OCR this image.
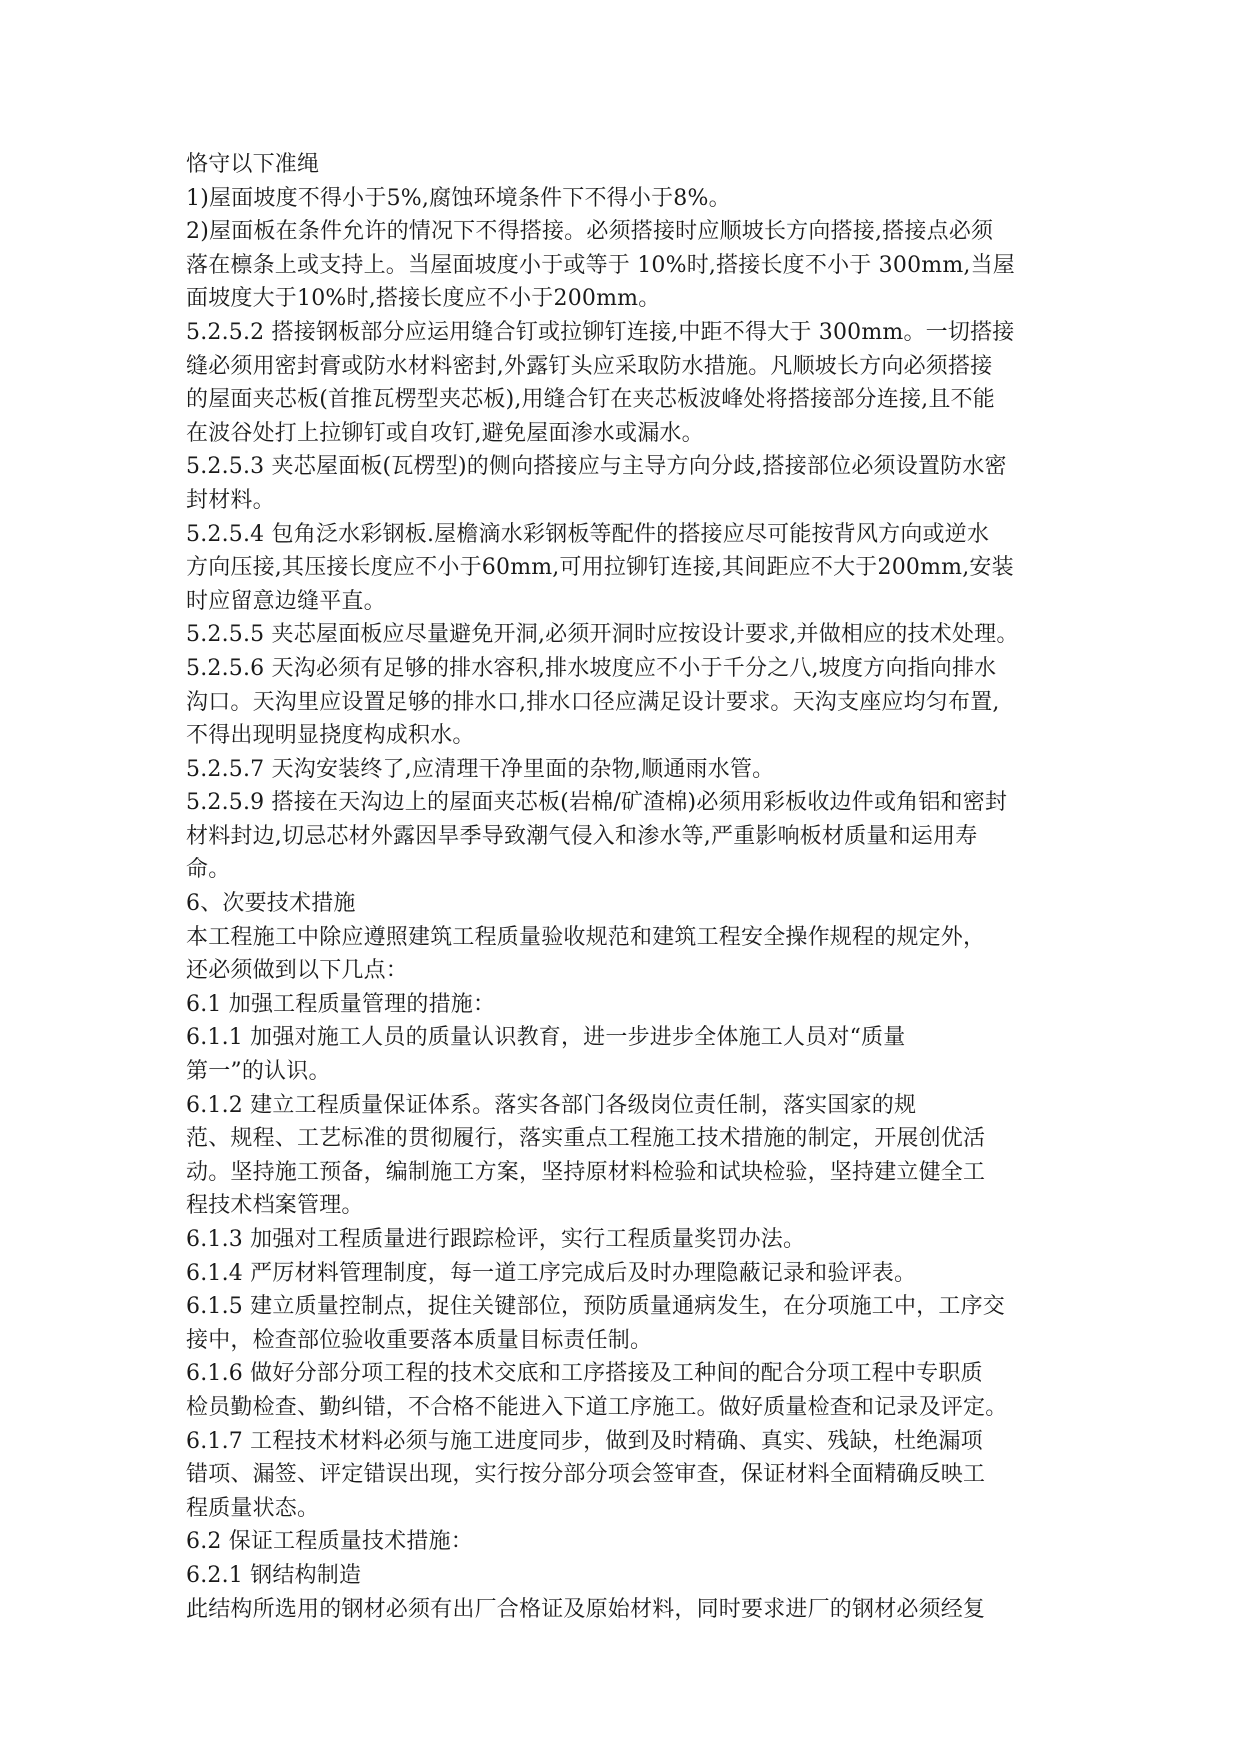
恪守以下准绳
1)屋面坡度不得小于5%,腐蚀环境条件下不得小于8%。
2)屋面板在条件允许的情况下不得搭接。必须搭接时应顺坡长方向搭接,搭接点必须
落在檩条上或支持上。当屋面坡度小于或等于 10%时,搭接长度不小于 300mm,当屋
面坡度大于10%时,搭接长度应不小于200mm。
5.2.5.2 搭接钢板部分应运用缝合钉或拉铆钉连接,中距不得大于 300mm。一切搭接
缝必须用密封膏或防水材料密封,外露钉头应采取防水措施。凡顺坡长方向必须搭接
的屋面夹芯板(首推瓦楞型夹芯板),用缝合钉在夹芯板波峰处将搭接部分连接,且不能
在波谷处打上拉铆钉或自攻钉,避免屋面渗水或漏水。
5.2.5.3 夹芯屋面板(瓦楞型)的侧向搭接应与主导方向分歧,搭接部位必须设置防水密
封材料。
5.2.5.4 包角泛水彩钢板.屋檐滴水彩钢板等配件的搭接应尽可能按背风方向或逆水
方向压接,其压接长度应不小于60mm,可用拉铆钉连接,其间距应不大于200mm,安装
时应留意边缝平直。
5.2.5.5 夹芯屋面板应尽量避免开洞,必须开洞时应按设计要求,并做相应的技术处理。
5.2.5.6 天沟必须有足够的排水容积,排水坡度应不小于千分之八,坡度方向指向排水
沟口。天沟里应设置足够的排水口,排水口径应满足设计要求。天沟支座应均匀布置,
不得出现明显挠度构成积水。
5.2.5.7 天沟安装终了,应清理干净里面的杂物,顺通雨水管。
5.2.5.9 搭接在天沟边上的屋面夹芯板(岩棉/矿渣棉)必须用彩板收边件或角铝和密封
材料封边,切忌芯材外露因旱季导致潮气侵入和渗水等,严重影响板材质量和运用寿
命。
6、次要技术措施
本工程施工中除应遵照建筑工程质量验收规范和建筑工程安全操作规程的规定外，
还必须做到以下几点：
6.1 加强工程质量管理的措施：
6.1.1 加强对施工人员的质量认识教育，进一步进步全体施工人员对“质量
第一”的认识。
6.1.2 建立工程质量保证体系。落实各部门各级岗位责任制，落实国家的规
范、规程、工艺标准的贯彻履行，落实重点工程施工技术措施的制定，开展创优活
动。坚持施工预备，编制施工方案，坚持原材料检验和试块检验，坚持建立健全工
程技术档案管理。
6.1.3 加强对工程质量进行跟踪检评，实行工程质量奖罚办法。
6.1.4 严厉材料管理制度，每一道工序完成后及时办理隐蔽记录和验评表。
6.1.5 建立质量控制点，捉住关键部位，预防质量通病发生，在分项施工中，工序交
接中，检查部位验收重要落本质量目标责任制。
6.1.6 做好分部分项工程的技术交底和工序搭接及工种间的配合分项工程中专职质
检员勤检查、勤纠错，不合格不能进入下道工序施工。做好质量检查和记录及评定。
6.1.7 工程技术材料必须与施工进度同步，做到及时精确、真实、残缺，杜绝漏项
错项、漏签、评定错误出现，实行按分部分项会签审查，保证材料全面精确反映工
程质量状态。
6.2 保证工程质量技术措施：
6.2.1 钢结构制造
此结构所选用的钢材必须有出厂合格证及原始材料，同时要求进厂的钢材必须经复
